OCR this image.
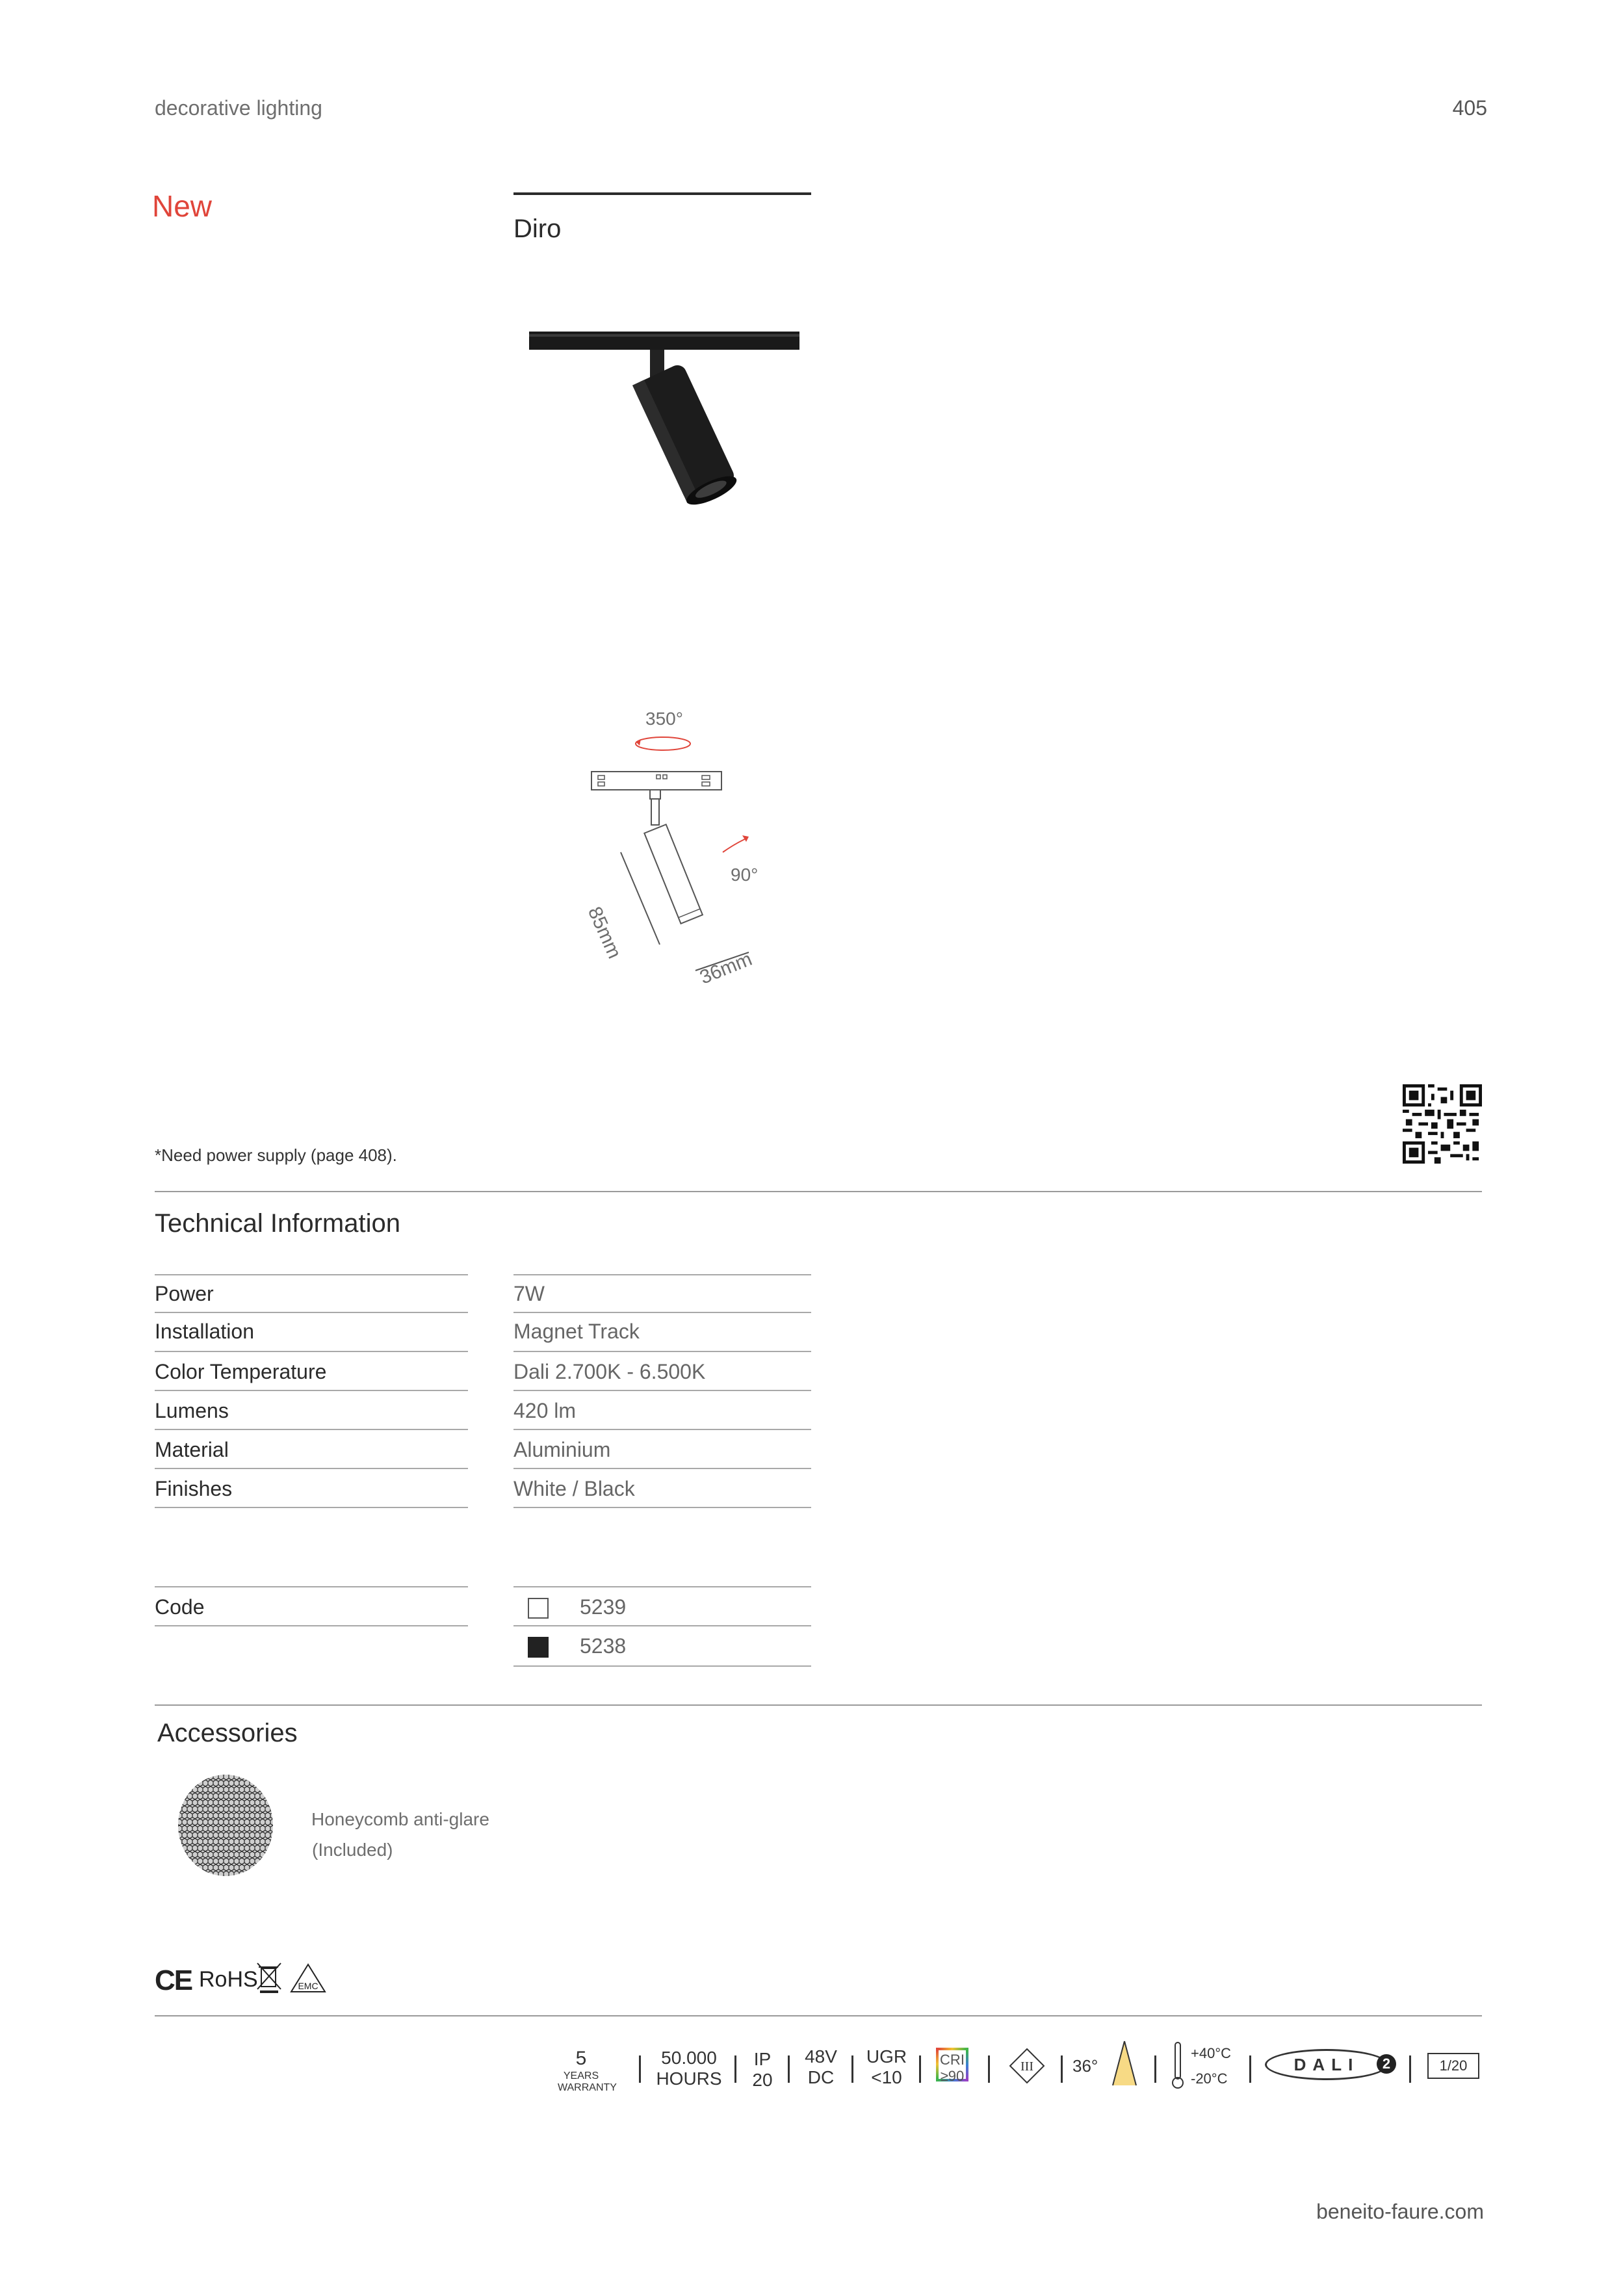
decorative lighting	405
New
Diro
350°
90°
85mm
36mm
*Need power supply (page 408).
Technical Information
Power	7W
Installation	Magnet Track
Color Temperature	Dali 2.700K - 6.500K
Lumens	420 lm
Material	Aluminium
Finishes	White / Black
Code	5239
5238
Accessories
Honeycomb anti-glare
(Included)
CE RoHS	EMC
5 YEARS
WARRANTY
50.000
HOURS
IP
20
48V
DC
UGR
<10
CRI
≥90
III 36°
+40°C
-20°C
DALI	2	1/20
beneito-faure.com
